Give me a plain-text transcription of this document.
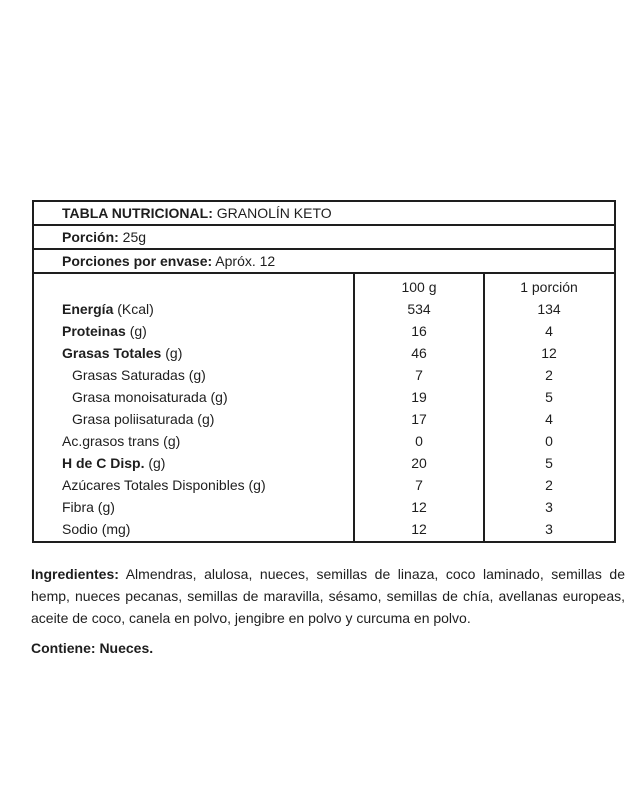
TABLA NUTRICIONAL: GRANOLÍN KETO
Porción: 25g
Porciones por envase: Apróx. 12
100 g	1 porción
Energía (Kcal)	534	134
Proteinas (g)	16	4
Grasas Totales (g)	46	12
Grasas Saturadas (g)	7	2
Grasa monoisaturada (g)	19	5
Grasa poliisaturada (g)	17	4
Ac.grasos trans (g)	0	0
H de C Disp. (g)	20	5
Azúcares Totales Disponibles (g)	7	2
Fibra (g)	12	3
Sodio (mg)	12	3
Ingredientes: Almendras, alulosa, nueces, semillas de linaza, coco laminado, semillas de hemp, nueces pecanas, semillas de maravilla, sésamo, semillas de chía, avellanas europeas, aceite de coco, canela en polvo, jengibre en polvo y curcuma en polvo.
Contiene: Nueces.
